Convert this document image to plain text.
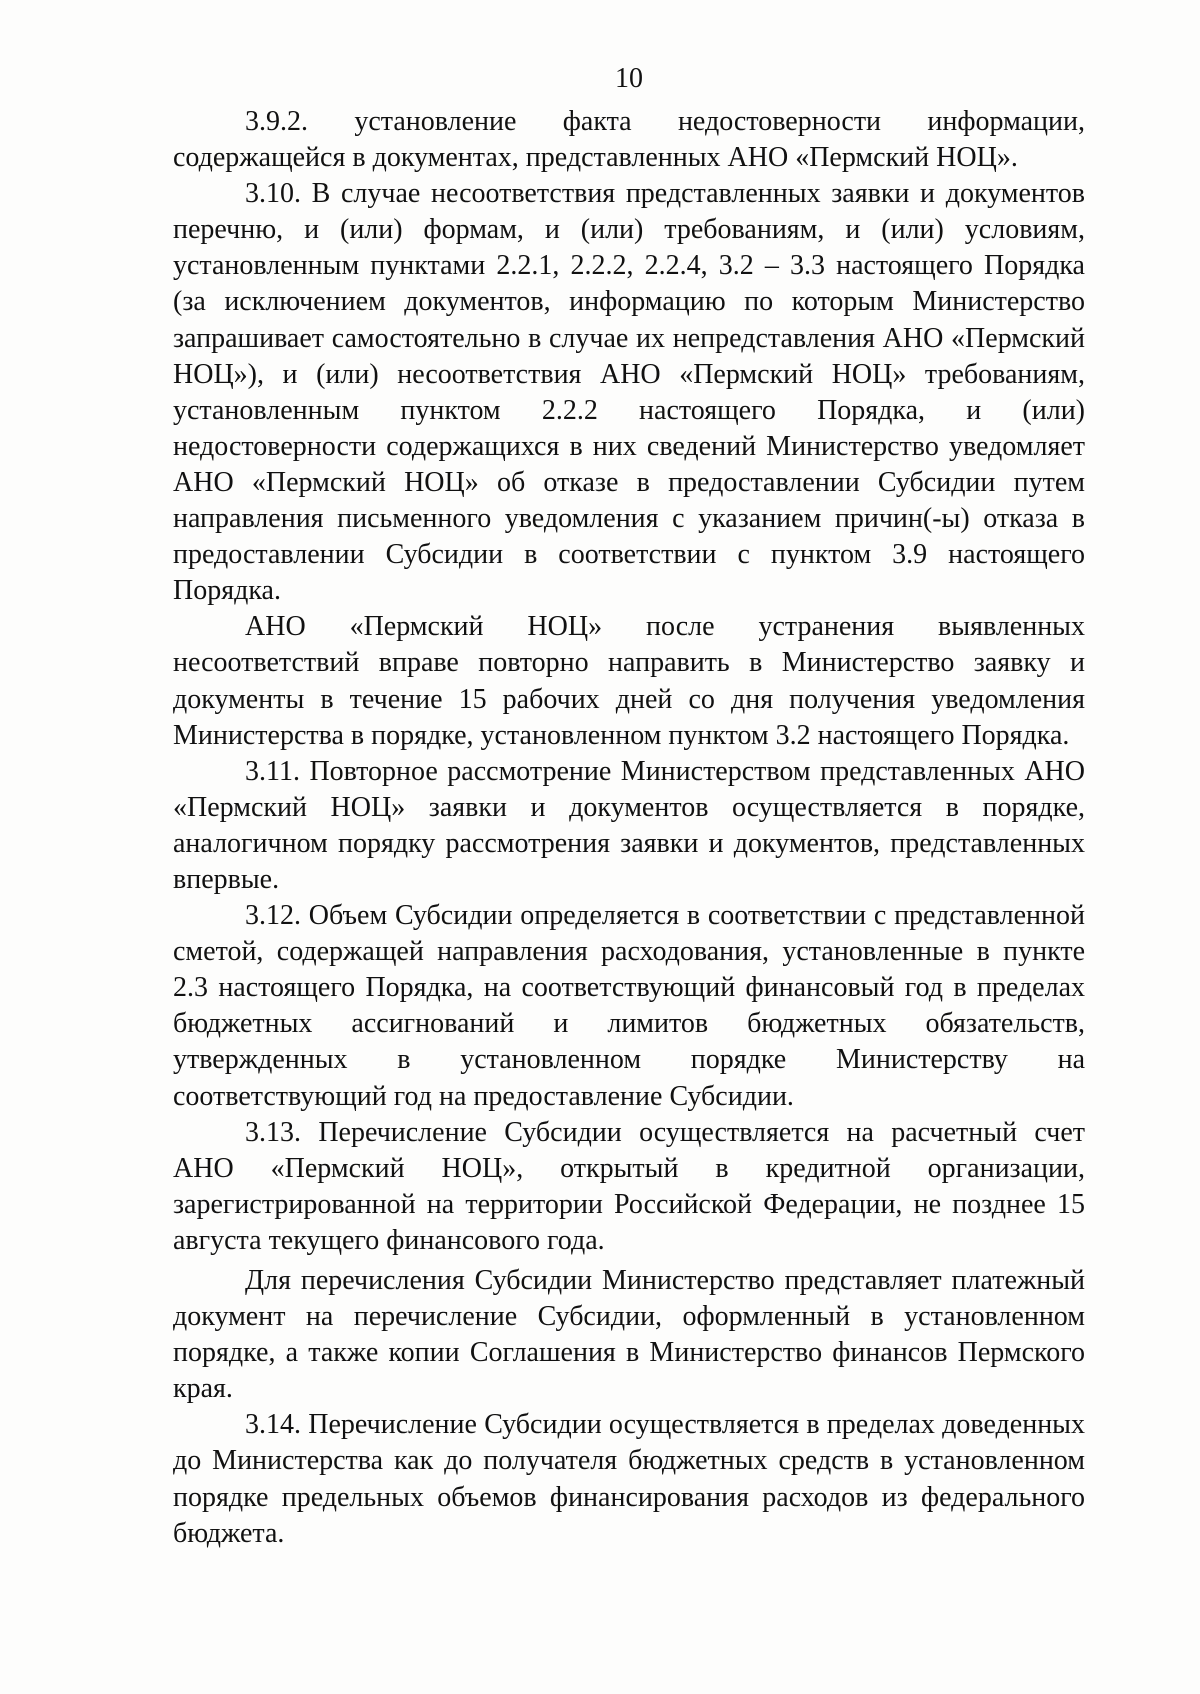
10

3.9.2. установление факта недостоверности информации, содержащейся в документах, представленных АНО «Пермский НОЦ».

3.10. В случае несоответствия представленных заявки и документов перечню, и (или) формам, и (или) требованиям, и (или) условиям, установленным пунктами 2.2.1, 2.2.2, 2.2.4, 3.2 – 3.3 настоящего Порядка (за исключением документов, информацию по которым Министерство запрашивает самостоятельно в случае их непредставления АНО «Пермский НОЦ»), и (или) несоответствия АНО «Пермский НОЦ» требованиям, установленным пунктом 2.2.2 настоящего Порядка, и (или) недостоверности содержащихся в них сведений Министерство уведомляет АНО «Пермский НОЦ» об отказе в предоставлении Субсидии путем направления письменного уведомления с указанием причин(-ы) отказа в предоставлении Субсидии в соответствии с пунктом 3.9 настоящего Порядка.

АНО «Пермский НОЦ» после устранения выявленных несоответствий вправе повторно направить в Министерство заявку и документы в течение 15 рабочих дней со дня получения уведомления Министерства в порядке, установленном пунктом 3.2 настоящего Порядка.

3.11. Повторное рассмотрение Министерством представленных АНО «Пермский НОЦ» заявки и документов осуществляется в порядке, аналогичном порядку рассмотрения заявки и документов, представленных впервые.

3.12. Объем Субсидии определяется в соответствии с представленной сметой, содержащей направления расходования, установленные в пункте 2.3 настоящего Порядка, на соответствующий финансовый год в пределах бюджетных ассигнований и лимитов бюджетных обязательств, утвержденных в установленном порядке Министерству на соответствующий год на предоставление Субсидии.

3.13. Перечисление Субсидии осуществляется на расчетный счет АНО «Пермский НОЦ», открытый в кредитной организации, зарегистрированной на территории Российской Федерации, не позднее 15 августа текущего финансового года.

Для перечисления Субсидии Министерство представляет платежный документ на перечисление Субсидии, оформленный в установленном порядке, а также копии Соглашения в Министерство финансов Пермского края.

3.14. Перечисление Субсидии осуществляется в пределах доведенных до Министерства как до получателя бюджетных средств в установленном порядке предельных объемов финансирования расходов из федерального бюджета.
